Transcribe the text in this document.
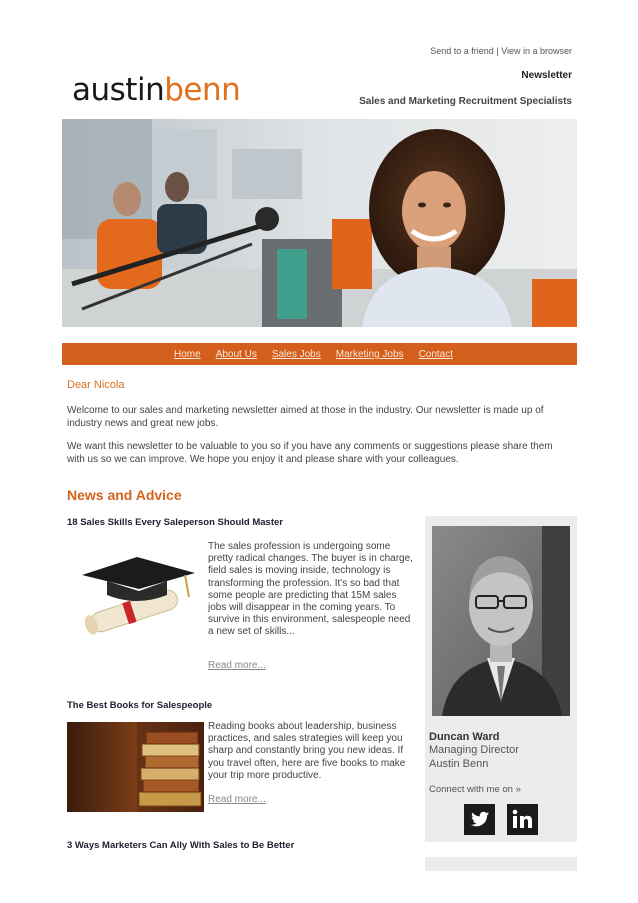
Send to a friend | View in a browser
austinbenn	Newsletter
Sales and Marketing Recruitment Specialists
Home About Us Sales Jobs Marketing Jobs Contact
Dear Nicola
Welcome to our sales and marketing newsletter aimed at those in the industry. Our newsletter is made up of industry news and great new jobs.
We want this newsletter to be valuable to you so if you have any comments or suggestions please share them with us so we can improve. We hope you enjoy it and please share with your colleagues.
News and Advice
18 Sales Skills Every Saleperson Should Master
The sales profession is undergoing some pretty radical changes. The buyer is in charge, field sales is moving inside, technology is transforming the profession. It's so bad that some people are predicting that 15M sales jobs will disappear in the coming years. To survive in this environment, salespeople need a new set of skills...
Read more...
The Best Books for Salespeople
Reading books about leadership, business practices, and sales strategies will keep you sharp and constantly bring you new ideas. If you travel often, here are five books to make your trip more productive.
Read more...
3 Ways Marketers Can Ally With Sales to Be Better
Duncan Ward
Managing Director
Austin Benn
Connect with me on »
